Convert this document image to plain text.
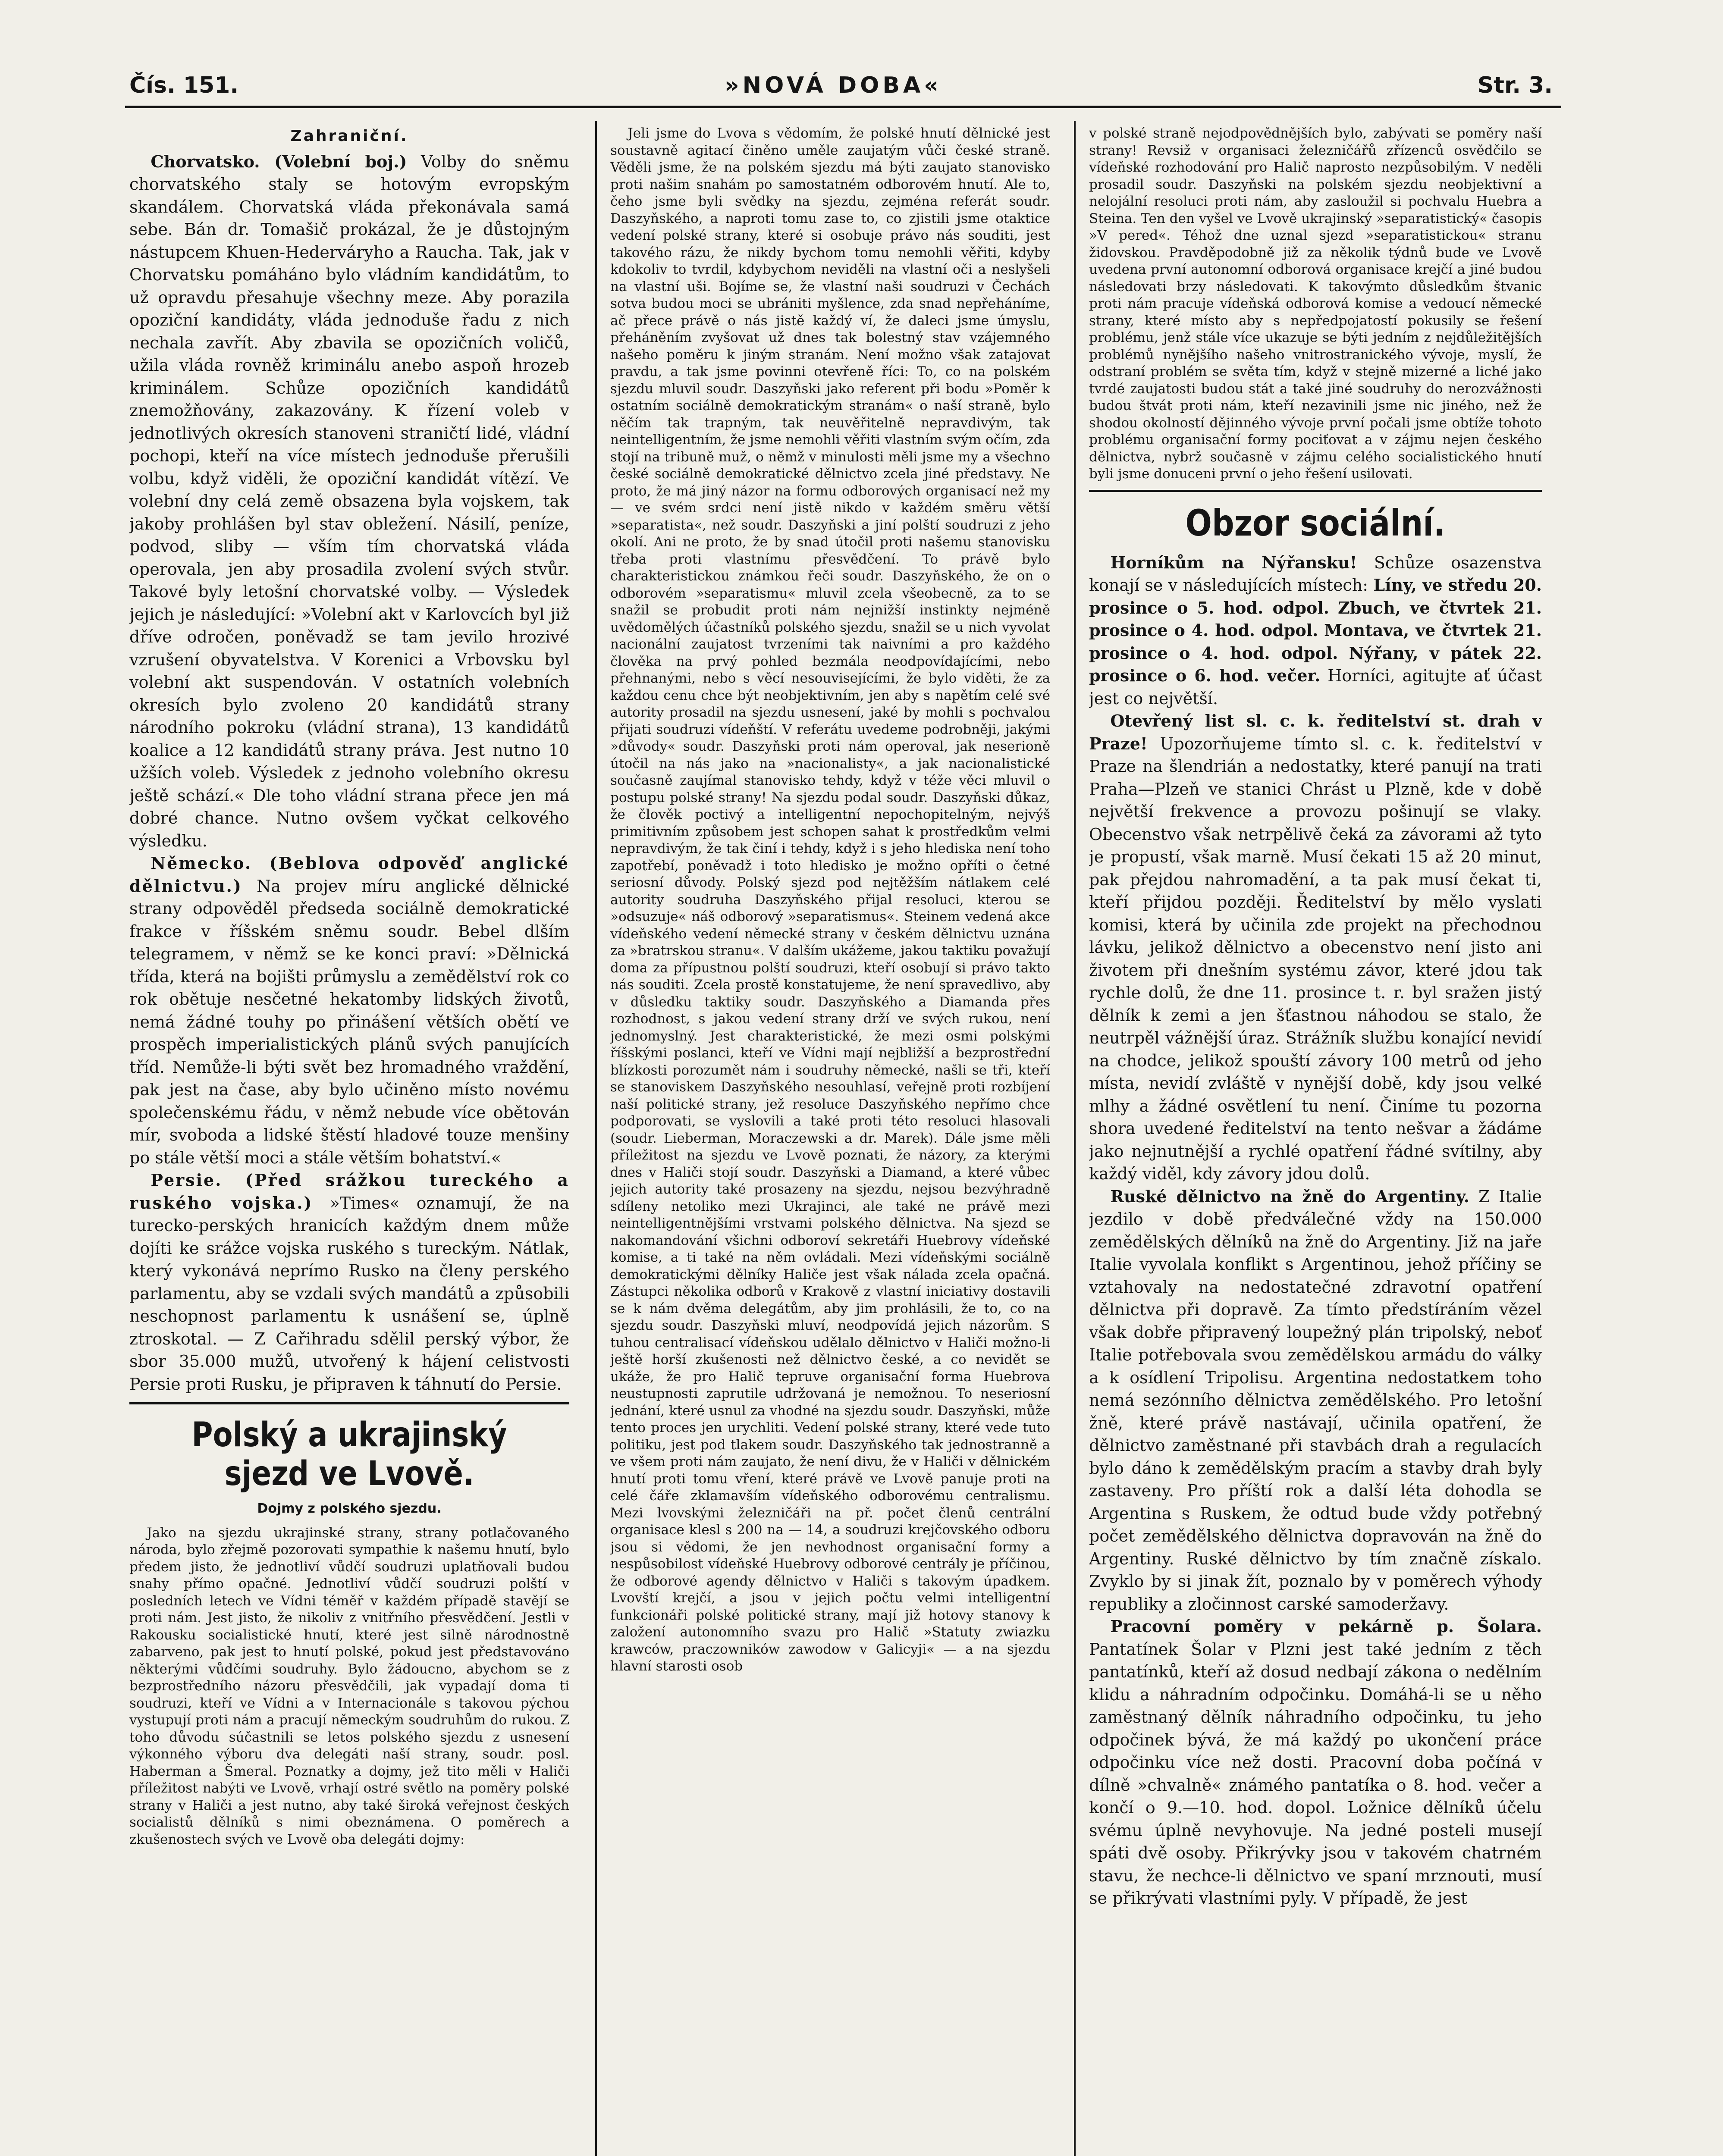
Čís. 151.	»NOVÁ DOBA«	Str. 3.
Zahraniční.

Chorvatsko. (Volební boj.) Volby do sněmu chorvatského staly se hotovým evropským skandálem. Chorvatská vláda překonávala samá sebe. Bán dr. Tomašič prokázal, že je důstojným nástupcem Khuen-Hederváryho a Raucha. Tak, jak v Chorvatsku pomáháno bylo vládním kandidátům, to už opravdu přesahuje všechny meze. Aby porazila opoziční kandidáty, vláda jednoduše řadu z nich nechala zavřít. Aby zbavila se opozičních voličů, užila vláda rovněž kriminálu anebo aspoň hrozeb kriminálem. Schůze opozičních kandidátů znemožňovány, zakazovány. K řízení voleb v jednotlivých okresích stanoveni straničtí lidé, vládní pochopi, kteří na více místech jednoduše přerušili volbu, když viděli, že opoziční kandidát vítězí. Ve volební dny celá země obsazena byla vojskem, tak jakoby prohlášen byl stav obležení. Násilí, peníze, podvod, sliby — vším tím chorvatská vláda operovala, jen aby prosadila zvolení svých stvůr. Takové byly letošní chorvatské volby. — Výsledek jejich je následující: »Volební akt v Karlovcích byl již dříve odročen, poněvadž se tam jevilo hrozivé vzrušení obyvatelstva. V Korenici a Vrbovsku byl volební akt suspendován. V ostatních volebních okresích bylo zvoleno 20 kandidátů strany národního pokroku (vládní strana), 13 kandidátů koalice a 12 kandidátů strany práva. Jest nutno 10 užších voleb. Výsledek z jednoho volebního okresu ještě schází.« Dle toho vládní strana přece jen má dobré chance. Nutno ovšem vyčkat celkového výsledku.

Německo. (Beblova odpověď anglické dělnictvu.) Na projev míru anglické dělnické strany odpověděl předseda sociálně demokratické frakce v říšském sněmu soudr. Bebel dlším telegramem, v němž se ke konci praví: »Dělnická třída, která na bojišti průmyslu a zemědělství rok co rok obětuje nesčetné hekatomby lidských životů, nemá žádné touhy po přinášení větších obětí ve prospěch imperialistických plánů svých panujících tříd. Nemůže-li býti svět bez hromadného vraždění, pak jest na čase, aby bylo učiněno místo novému společenskému řádu, v němž nebude více obětován mír, svoboda a lidské štěstí hladové touze menšiny po stále větší moci a stále větším bohatství.«

Persie. (Před srážkou tureckého a ruského vojska.) »Times« oznamují, že na turecko-perských hranicích každým dnem může dojíti ke srážce vojska ruského s tureckým. Nátlak, který vykonává neprímo Rusko na členy perského parlamentu, aby se vzdali svých mandátů a způsobili neschopnost parlamentu k usnášení se, úplně ztroskotal. — Z Cařihradu sdělil perský výbor, že sbor 35.000 mužů, utvořený k hájení celistvosti Persie proti Rusku, je připraven k táhnutí do Persie.

Polský a ukrajinský sjezd ve Lvově.
Dojmy z polského sjezdu.

Jako na sjezdu ukrajinské strany, strany potlačovaného národa, bylo zřejmě pozorovati sympathie k našemu hnutí, bylo předem jisto, že jednotliví vůdčí soudruzi uplatňovali budou snahy přímo opačné. Jednotliví vůdčí soudruzi polští v posledních letech ve Vídni téměř v každém případě stavějí se proti nám. Jest jisto, že nikoliv z vnitřního přesvědčení. Jestli v Rakousku socialistické hnutí, které jest silně národnostně zabarveno, pak jest to hnutí polské, pokud jest představováno některými vůdčími soudruhy. Bylo žádoucno, abychom se z bezprostředního názoru přesvědčili, jak vypadají doma ti soudruzi, kteří ve Vídni a v Internacionále s takovou pýchou vystupují proti nám a pracují německým soudruhům do rukou. Z toho důvodu súčastnili se letos polského sjezdu z usnesení výkonného výboru dva delegáti naší strany, soudr. posl. Haberman a Šmeral. Poznatky a dojmy, jež tito měli v Haliči příležitost nabýti ve Lvově, vrhají ostré světlo na poměry polské strany v Haliči a jest nutno, aby také široká veřejnost českých socialistů dělníků s nimi obeznámena. O poměrech a zkušenostech svých ve Lvově oba delegáti dojmy:

Jeli jsme do Lvova s vědomím, že polské hnutí dělnické jest soustavně agitací činěno uměle zaujatým vůči české straně. Věděli jsme, že na polském sjezdu má býti zaujato stanovisko proti našim snahám po samostatném odborovém hnutí. Ale to, čeho jsme byli svědky na sjezdu, zejména referát soudr. Daszyňského, a naproti tomu zase to, co zjistili jsme otaktice vedení polské strany, které si osobuje právo nás souditi, jest takového rázu, že nikdy bychom tomu nemohli věřiti, kdyby kdokoliv to tvrdil, kdybychom neviděli na vlastní oči a neslyšeli na vlastní uši. Bojíme se, že vlastní naši soudruzi v Čechách sotva budou moci se ubrániti myšlence, zda snad nepřeháníme, ač přece právě o nás jistě každý ví, že daleci jsme úmyslu, přeháněním zvyšovat už dnes tak bolestný stav vzájemného našeho poměru k jiným stranám. Není možno však zatajovat pravdu, a tak jsme povinni otevřeně říci: To, co na polském sjezdu mluvil soudr. Daszyňski jako referent při bodu »Poměr k ostatním sociálně demokratickým stranám« o naší straně, bylo něčím tak trapným, tak neuvěřitelně nepravdivým, tak neintelligentním, že jsme nemohli věřiti vlastním svým očím, zda stojí na tribuně muž, o němž v minulosti měli jsme my a všechno české sociálně demokratické dělnictvo zcela jiné představy. Ne proto, že má jiný názor na formu odborových organisací než my — ve svém srdci není jistě nikdo v každém směru větší »separatista«, než soudr. Daszyňski a jiní polští soudruzi z jeho okolí. Ani ne proto, že by snad útočil proti našemu stanovisku třeba proti vlastnímu přesvědčení. To právě bylo charakteristickou známkou řeči soudr. Daszyňského, že on o odborovém »separatismu« mluvil zcela všeobecně, za to se snažil se probudit proti nám nejnižší instinkty nejméně uvědomělých účastníků polského sjezdu, snažil se u nich vyvolat nacionální zaujatost tvrzeními tak naivními a pro každého člověka na prvý pohled bezmála neodpovídajícími, nebo přehnanými, nebo s věcí nesouvisejícími, že bylo viděti, že za každou cenu chce být neobjektivním, jen aby s napětím celé své autority prosadil na sjezdu usnesení, jaké by mohli s pochvalou přijati soudruzi vídeňští. V referátu uvedeme podrobněji, jakými »důvody« soudr. Daszyňski proti nám operoval, jak neserioně útočil na nás jako na »nacionalisty«, a jak nacionalistické současně zaujímal stanovisko tehdy, když v téže věci mluvil o postupu polské strany! Na sjezdu podal soudr. Daszyňski důkaz, že člověk poctivý a intelligentní nepochopitelným, nejvýš primitivním způsobem jest schopen sahat k prostředkům velmi nepravdivým, že tak činí i tehdy, když i s jeho hlediska není toho zapotřebí, poněvadž i toto hledisko je možno opříti o četné seriosní důvody. Polský sjezd pod nejtěžším nátlakem celé autority soudruha Daszyňského přijal resoluci, kterou se »odsuzuje« náš odborový »separatismus«. Steinem vedená akce vídeňského vedení německé strany v českém dělnictvu uznána za »bratrskou stranu«. V dalším ukážeme, jakou taktiku považují doma za přípustnou polští soudruzi, kteří osobují si právo takto nás souditi. Zcela prostě konstatujeme, že není spravedlivo, aby v důsledku taktiky soudr. Daszyňského a Diamanda přes rozhodnost, s jakou vedení strany drží ve svých rukou, není jednomyslný. Jest charakteristické, že mezi osmi polskými říšskými poslanci, kteří ve Vídni mají nejbližší a bezprostřední blízkosti porozumět nám i soudruhy německé, našli se tři, kteří se stanoviskem Daszyňského nesouhlasí, veřejně proti rozbíjení naší politické strany, jež resoluce Daszyňského nepřímo chce podporovati, se vyslovili a také proti této resoluci hlasovali (soudr. Lieberman, Moraczewski a dr. Marek). Dále jsme měli příležitost na sjezdu ve Lvově poznati, že názory, za kterými dnes v Haliči stojí soudr. Daszyňski a Diamand, a které vůbec jejich autority také prosazeny na sjezdu, nejsou bezvýhradně sdíleny netoliko mezi Ukrajinci, ale také ne právě mezi neintelligentnějšími vrstvami polského dělnictva. Na sjezd se nakomandování všichni odboroví sekretáři Huebrovy vídeňské komise, a ti také na něm ovládali. Mezi vídeňskými sociálně demokratickými dělníky Haliče jest však nálada zcela opačná. Zástupci několika odborů v Krakově z vlastní iniciativy dostavili se k nám dvěma delegátům, aby jim prohlásili, že to, co na sjezdu soudr. Daszyňski mluví, neodpovídá jejich názorům. S tuhou centralisací vídeňskou udělalo dělnictvo v Haliči možno-li ještě horší zkušenosti než dělnictvo české, a co nevidět se ukáže, že pro Halič tepruve organisační forma Huebrova neustupnosti zaprutile udržovaná je nemožnou. To neseriosní jednání, které usnul za vhodné na sjezdu soudr. Daszyňski, může tento proces jen urychliti. Vedení polské strany, které vede tuto politiku, jest pod tlakem soudr. Daszyňského tak jednostranně a ve všem proti nám zaujato, že není divu, že v Haliči v dělnickém hnutí proti tomu vření, které právě ve Lvově panuje proti na celé čáře zklamavším vídeňského odborovému centralismu. Mezi lvovskými železničáři na př. počet členů centrální organisace klesl s 200 na — 14, a soudruzi krejčovského odboru jsou si vědomi, že jen nevhodnost organisační formy a nespůsobilost vídeňské Huebrovy odborové centrály je příčinou, že odborové agendy dělnictvo v Haliči s takovým úpadkem. Lvovští krejčí, a jsou v jejich počtu velmi intelligentní funkcionáři polské politické strany, mají již hotovy stanovy k založení autonomního svazu pro Halič »Statuty zwiazku krawców, praczowników zawodow v Galicyji« — a na sjezdu hlavní starosti osob

v polské straně nejodpovědnějších bylo, zabývati se poměry naší strany! Revsiž v organisaci železničářů zřízenců osvědčilo se vídeňské rozhodování pro Halič naprosto nezpůsobilým. V neděli prosadil soudr. Daszyňski na polském sjezdu neobjektivní a nelojální resoluci proti nám, aby zasloužil si pochvalu Huebra a Steina. Ten den vyšel ve Lvově ukrajinský »separatistický« časopis »V pered«. Téhož dne uznal sjezd »separatistickou« stranu židovskou. Pravděpodobně již za několik týdnů bude ve Lvově uvedena první autonomní odborová organisace krejčí a jiné budou následovati brzy následovati. K takovýmto důsledkům štvanic proti nám pracuje vídeňská odborová komise a vedoucí německé strany, které místo aby s nepředpojatostí pokusily se řešení problému, jenž stále více ukazuje se býti jedním z nejdůležitějších problémů nynějšího našeho vnitrostranického vývoje, myslí, že odstraní problém se světa tím, když v stejně mizerné a liché jako tvrdé zaujatosti budou stát a také jiné soudruhy do nerozvážnosti budou štvát proti nám, kteří nezavinili jsme nic jiného, než že shodou okolností dějinného vývoje první počali jsme obtíže tohoto problému organisační formy pociťovat a v zájmu nejen českého dělnictva, nybrž současně v zájmu celého socialistického hnutí byli jsme donuceni první o jeho řešení usilovati.

Obzor sociální.

Horníkům na Nýřansku! Schůze osazenstva konají se v následujících místech: Líny, ve středu 20. prosince o 5. hod. odpol. Zbuch, ve čtvrtek 21. prosince o 4. hod. odpol. Montava, ve čtvrtek 21. prosince o 4. hod. odpol. Nýřany, v pátek 22. prosince o 6. hod. večer. Horníci, agitujte ať účast jest co největší.

Otevřený list sl. c. k. ředitelství st. drah v Praze! Upozorňujeme tímto sl. c. k. ředitelství v Praze na šlendrián a nedostatky, které panují na trati Praha—Plzeň ve stanici Chrást u Plzně, kde v době největší frekvence a provozu pošinují se vlaky. Obecenstvo však netrpělivě čeká za závorami až tyto je propustí, však marně. Musí čekati 15 až 20 minut, pak přejdou nahromadění, a ta pak musí čekat ti, kteří přijdou později. Ředitelství by mělo vyslati komisi, která by učinila zde projekt na přechodnou lávku, jelikož dělnictvo a obecenstvo není jisto ani životem při dnešním systému závor, které jdou tak rychle dolů, že dne 11. prosince t. r. byl sražen jistý dělník k zemi a jen šťastnou náhodou se stalo, že neutrpěl vážnější úraz. Strážník službu konající nevidí na chodce, jelikož spouští závory 100 metrů od jeho místa, nevidí zvláště v nynější době, kdy jsou velké mlhy a žádné osvětlení tu není. Činíme tu pozorna shora uvedené ředitelství na tento nešvar a žádáme jako nejnutnější a rychlé opatření řádné svítilny, aby každý viděl, kdy závory jdou dolů.

Ruské dělnictvo na žně do Argentiny. Z Italie jezdilo v době předválečné vždy na 150.000 zemědělských dělníků na žně do Argentiny. Již na jaře Italie vyvolala konflikt s Argentinou, jehož příčiny se vztahovaly na nedostatečné zdravotní opatření dělnictva při dopravě. Za tímto předstíráním vězel však dobře připravený loupežný plán tripolský, neboť Italie potřebovala svou zemědělskou armádu do války a k osídlení Tripolisu. Argentina nedostatkem toho nemá sezónního dělnictva zemědělského. Pro letošní žně, které právě nastávají, učinila opatření, že dělnictvo zaměstnané při stavbách drah a regulacích bylo dáno k zemědělským pracím a stavby drah byly zastaveny. Pro příští rok a další léta dohodla se Argentina s Ruskem, že odtud bude vždy potřebný počet zemědělského dělnictva dopravován na žně do Argentiny. Ruské dělnictvo by tím značně získalo. Zvyklo by si jinak žít, poznalo by v poměrech výhody republiky a zločinnost carské samoderžavy.

Pracovní poměry v pekárně p. Šolara. Pantatínek Šolar v Plzni jest také jedním z těch pantatínků, kteří až dosud nedbají zákona o nedělním klidu a náhradním odpočinku. Domáhá-li se u něho zaměstnaný dělník náhradního odpočinku, tu jeho odpočinek bývá, že má každý po ukončení práce odpočinku více než dosti. Pracovní doba počíná v dílně »chvalně« známého pantatíka o 8. hod. večer a končí o 9.—10. hod. dopol. Ložnice dělníků účelu svému úplně nevyhovuje. Na jedné posteli musejí spáti dvě osoby. Přikrývky jsou v takovém chatrném stavu, že nechce-li dělnictvo ve spaní mrznouti, musí se přikrývati vlastními pyly. V případě, že jest
